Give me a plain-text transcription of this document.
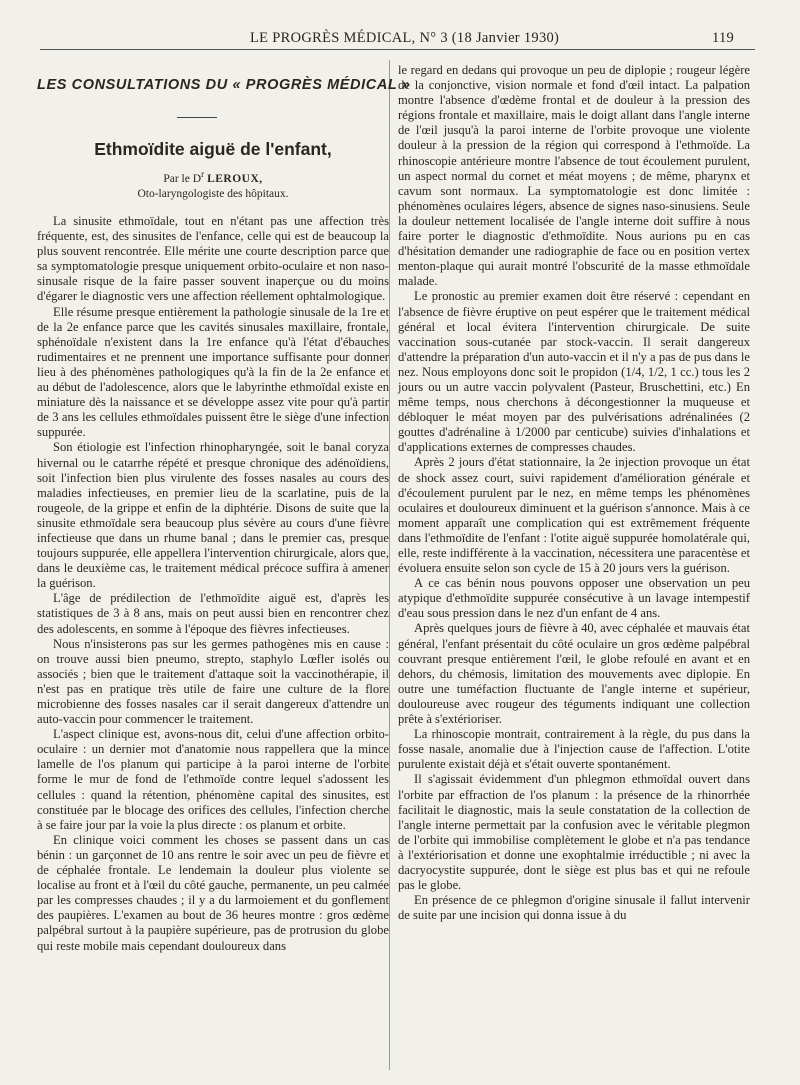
LE PROGRÈS MÉDICAL, N° 3 (18 Janvier 1930)	119
LES CONSULTATIONS DU « PROGRÈS MÉDICAL »
Ethmoïdite aiguë de l'enfant,
Par le $D^r$ LEROUX,
Oto-laryngologiste des hôpitaux.

La sinusite ethmoïdale, tout en n'étant pas une affection très fréquente, est, des sinusites de l'enfance, celle qui est de beaucoup la plus souvent rencontrée. Elle mérite une courte description parce que sa symptomatologie presque uniquement orbito-oculaire et non naso-sinusale risque de la faire passer souvent inaperçue ou du moins d'égarer le diagnostic vers une affection réellement ophtalmologique.

Elle résume presque entièrement la pathologie sinusale de la 1re et de la 2e enfance parce que les cavités sinusales maxillaire, frontale, sphénoïdale n'existent dans la 1re enfance qu'à l'état d'ébauches rudimentaires et ne prennent une importance suffisante pour donner lieu à des phénomènes pathologiques qu'à la fin de la 2e enfance et au début de l'adolescence, alors que le labyrinthe ethmoïdal existe en miniature dès la naissance et se développe assez vite pour qu'à partir de 3 ans les cellules ethmoïdales puissent être le siège d'une infection suppurée.

Son étiologie est l'infection rhinopharyngée, soit le banal coryza hivernal ou le catarrhe répété et presque chronique des adénoïdiens, soit l'infection bien plus virulente des fosses nasales au cours des maladies infectieuses, en premier lieu de la scarlatine, puis de la rougeole, de la grippe et enfin de la diphtérie. Disons de suite que la sinusite ethmoïdale sera beaucoup plus sévère au cours d'une fièvre infectieuse que dans un rhume banal ; dans le premier cas, presque toujours suppurée, elle appellera l'intervention chirurgicale, alors que, dans le deuxième cas, le traitement médical précoce suffira à amener la guérison.

L'âge de prédilection de l'ethmoïdite aiguë est, d'après les statistiques de 3 à 8 ans, mais on peut aussi bien en rencontrer chez des adolescents, en somme à l'époque des fièvres infectieuses.

Nous n'insisterons pas sur les germes pathogènes mis en cause : on trouve aussi bien pneumo, strepto, staphylo Lœfler isolés ou associés ; bien que le traitement d'attaque soit la vaccinothérapie, il n'est pas en pratique très utile de faire une culture de la flore microbienne des fosses nasales car il serait dangereux d'attendre un auto-vaccin pour commencer le traitement.

L'aspect clinique est, avons-nous dit, celui d'une affection orbito-oculaire : un dernier mot d'anatomie nous rappellera que la mince lamelle de l'os planum qui participe à la paroi interne de l'orbite forme le mur de fond de l'ethmoïde contre lequel s'adossent les cellules : quand la rétention, phénomène capital des sinusites, est constituée par le blocage des orifices des cellules, l'infection cherche à se faire jour par la voie la plus directe : os planum et orbite.

En clinique voici comment les choses se passent dans un cas bénin : un garçonnet de 10 ans rentre le soir avec un peu de fièvre et de céphalée frontale. Le lendemain la douleur plus violente se localise au front et à l'œil du côté gauche, permanente, un peu calmée par les compresses chaudes ; il y a du larmoiement et du gonflement des paupières. L'examen au bout de 36 heures montre : gros œdème palpébral surtout à la paupière supérieure, pas de protrusion du globe qui reste mobile mais cependant douloureux dans

le regard en dedans qui provoque un peu de diplopie ; rougeur légère de la conjonctive, vision normale et fond d'œil intact. La palpation montre l'absence d'œdème frontal et de douleur à la pression des régions frontale et maxillaire, mais le doigt allant dans l'angle interne de l'œil jusqu'à la paroi interne de l'orbite provoque une violente douleur à la pression de la région qui correspond à l'ethmoïde. La rhinoscopie antérieure montre l'absence de tout écoulement purulent, un aspect normal du cornet et méat moyens ; de même, pharynx et cavum sont normaux. La symptomatologie est donc limitée : phénomènes oculaires légers, absence de signes naso-sinusiens. Seule la douleur nettement localisée de l'angle interne doit suffire à nous faire porter le diagnostic d'ethmoïdite. Nous aurions pu en cas d'hésitation demander une radiographie de face ou en position vertex menton-plaque qui aurait montré l'obscurité de la masse ethmoïdale malade.

Le pronostic au premier examen doit être réservé : cependant en l'absence de fièvre éruptive on peut espérer que le traitement médical général et local évitera l'intervention chirurgicale. De suite vaccination sous-cutanée par stock-vaccin. Il serait dangereux d'attendre la préparation d'un auto-vaccin et il n'y a pas de pus dans le nez. Nous employons donc soit le propidon (1/4, 1/2, 1 cc.) tous les 2 jours ou un autre vaccin polyvalent (Pasteur, Bruschettini, etc.) En même temps, nous cherchons à décongestionner la muqueuse et débloquer le méat moyen par des pulvérisations adrénalinées (2 gouttes d'adrénaline à 1/2000 par centicube) suivies d'inhalations et d'applications externes de compresses chaudes.

Après 2 jours d'état stationnaire, la 2e injection provoque un état de shock assez court, suivi rapidement d'amélioration générale et d'écoulement purulent par le nez, en même temps les phénomènes oculaires et douloureux diminuent et la guérison s'annonce. Mais à ce moment apparaît une complication qui est extrêmement fréquente dans l'ethmoïdite de l'enfant : l'otite aiguë suppurée homolatérale qui, elle, reste indifférente à la vaccination, nécessitera une paracentèse et évoluera ensuite selon son cycle de 15 à 20 jours vers la guérison.

A ce cas bénin nous pouvons opposer une observation un peu atypique d'ethmoïdite suppurée consécutive à un lavage intempestif d'eau sous pression dans le nez d'un enfant de 4 ans.

Après quelques jours de fièvre à 40, avec céphalée et mauvais état général, l'enfant présentait du côté oculaire un gros œdème palpébral couvrant presque entièrement l'œil, le globe refoulé en avant et en dehors, du chémosis, limitation des mouvements avec diplopie. En outre une tuméfaction fluctuante de l'angle interne et supérieur, douloureuse avec rougeur des téguments indiquant une collection prête à s'extérioriser.

La rhinoscopie montrait, contrairement à la règle, du pus dans la fosse nasale, anomalie due à l'injection cause de l'affection. L'otite purulente existait déjà et s'était ouverte spontanément.

Il s'agissait évidemment d'un phlegmon ethmoïdal ouvert dans l'orbite par effraction de l'os planum : la présence de la rhinorrhée facilitait le diagnostic, mais la seule constatation de la collection de l'angle interne permettait par la confusion avec le véritable plegmon de l'orbite qui immobilise complètement le globe et n'a pas tendance à l'extériorisation et donne une exophtalmie irréductible ; ni avec la dacryocystite suppurée, dont le siège est plus bas et qui ne refoule pas le globe.

En présence de ce phlegmon d'origine sinusale il fallut intervenir de suite par une incision qui donna issue à du
